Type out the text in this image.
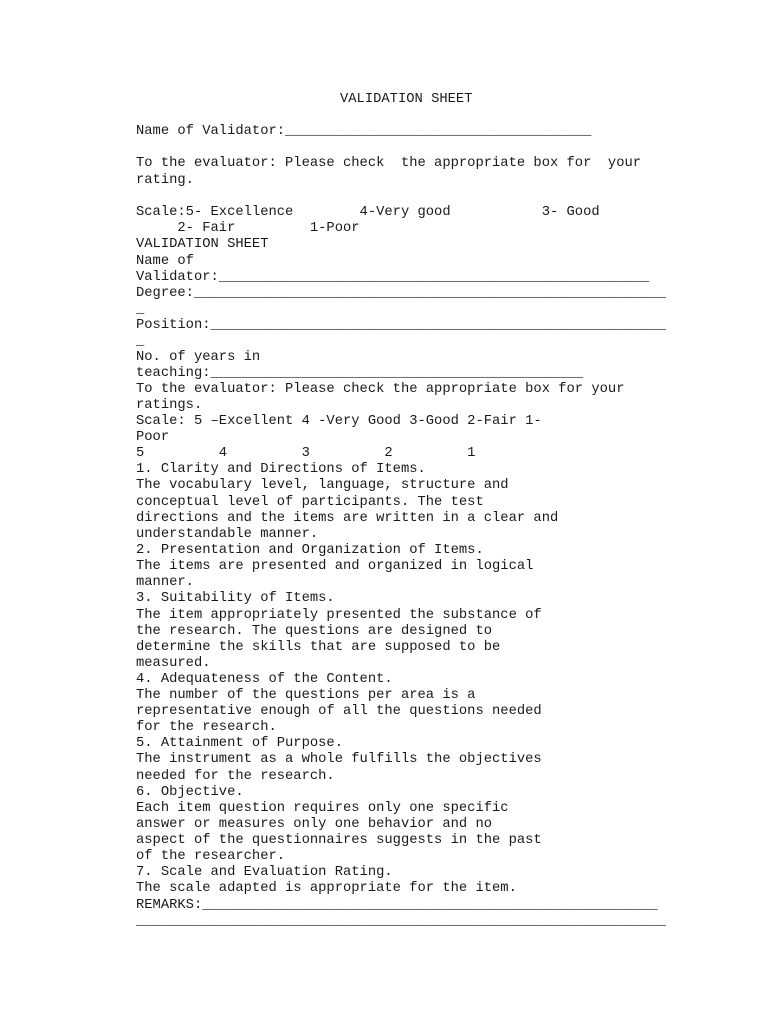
VALIDATION SHEET
Name of Validator:_____________________________________
To the evaluator: Please check  the appropriate box for  your
rating.
Scale:5- Excellence        4-Very good           3- Good
2- Fair         1-Poor
VALIDATION SHEET
Name of
Validator:____________________________________________________
Degree:_________________________________________________________
_
Position:_______________________________________________________
_
No. of years in
teaching:_____________________________________________
To the evaluator: Please check the appropriate box for your
ratings.
Scale: 5 –Excellent 4 -Very Good 3-Good 2-Fair 1-
Poor
5         4         3         2         1
1. Clarity and Directions of Items.
The vocabulary level, language, structure and
conceptual level of participants. The test
directions and the items are written in a clear and
understandable manner.
2. Presentation and Organization of Items.
The items are presented and organized in logical
manner.
3. Suitability of Items.
The item appropriately presented the substance of
the research. The questions are designed to
determine the skills that are supposed to be
measured.
4. Adequateness of the Content.
The number of the questions per area is a
representative enough of all the questions needed
for the research.
5. Attainment of Purpose.
The instrument as a whole fulfills the objectives
needed for the research.
6. Objective.
Each item question requires only one specific
answer or measures only one behavior and no
aspect of the questionnaires suggests in the past
of the researcher.
7. Scale and Evaluation Rating.
The scale adapted is appropriate for the item.
REMARKS:_______________________________________________________
________________________________________________________________
